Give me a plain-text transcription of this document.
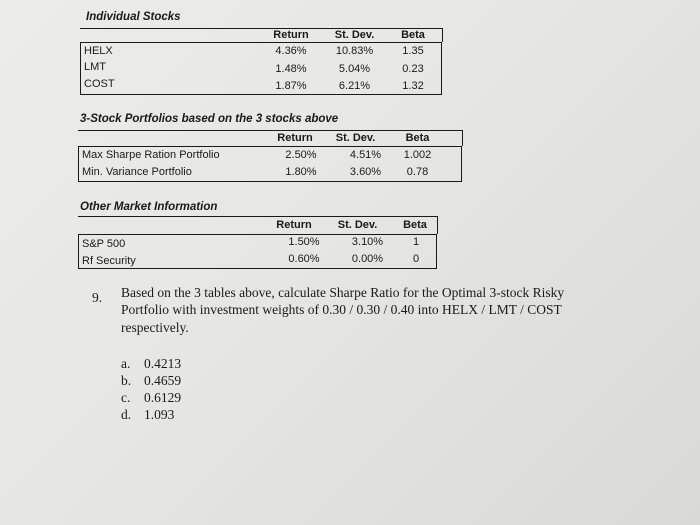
Individual Stocks
Return	St. Dev.	Beta
HELX	4.36%	10.83%	1.35
LMT	1.48%	5.04%	0.23
COST	1.87%	6.21%	1.32
3-Stock Portfolios based on the 3 stocks above
Return	St. Dev.	Beta
Max Sharpe Ration Portfolio	2.50%	4.51%	1.002
Min. Variance Portfolio	1.80%	3.60%	0.78
Other Market Information
Return	St. Dev.	Beta
S&P 500	1.50%	3.10%	1
Rf Security	0.60%	0.00%	0
9. Based on the 3 tables above, calculate Sharpe Ratio for the Optimal 3-stock Risky
Portfolio with investment weights of 0.30 / 0.30 / 0.40 into HELX / LMT / COST
respectively.
a. 0.4213
b. 0.4659
c. 0.6129
d. 1.093
